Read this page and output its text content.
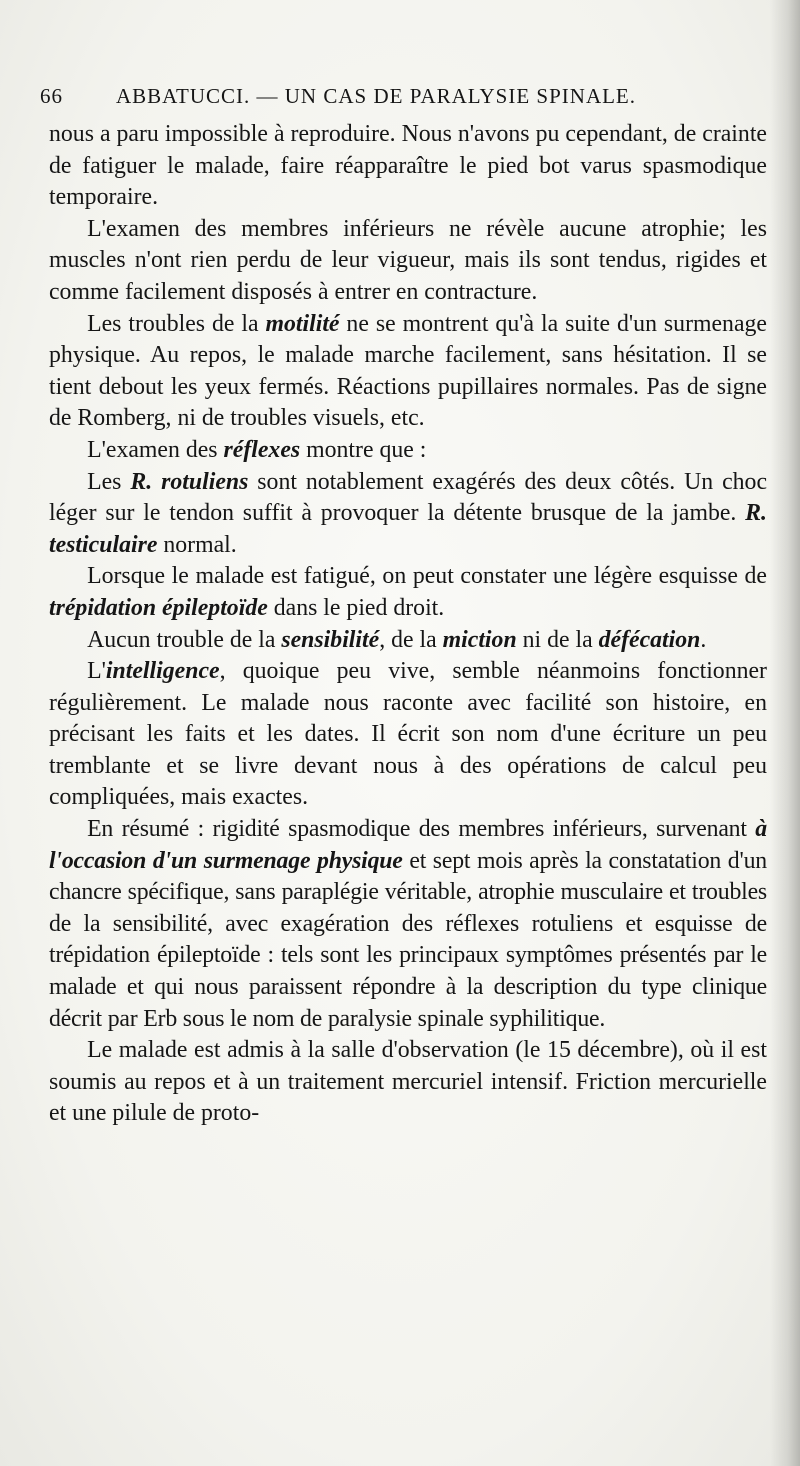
66	ABBATUCCI. — UN CAS DE PARALYSIE SPINALE.

nous a paru impossible à reproduire. Nous n'avons pu cependant, de crainte de fatiguer le malade, faire réapparaître le pied bot varus spasmodique temporaire.

L'examen des membres inférieurs ne révèle aucune atrophie; les muscles n'ont rien perdu de leur vigueur, mais ils sont tendus, rigides et comme facilement disposés à entrer en contracture.

Les troubles de la motilité ne se montrent qu'à la suite d'un surmenage physique. Au repos, le malade marche facilement, sans hésitation. Il se tient debout les yeux fermés. Réactions pupillaires normales. Pas de signe de Romberg, ni de troubles visuels, etc.

L'examen des réflexes montre que :

Les R. rotuliens sont notablement exagérés des deux côtés. Un choc léger sur le tendon suffit à provoquer la détente brusque de la jambe. R. testiculaire normal.

Lorsque le malade est fatigué, on peut constater une légère esquisse de trépidation épileptoïde dans le pied droit.

Aucun trouble de la sensibilité, de la miction ni de la défécation.

L'intelligence, quoique peu vive, semble néanmoins fonctionner régulièrement. Le malade nous raconte avec facilité son histoire, en précisant les faits et les dates. Il écrit son nom d'une écriture un peu tremblante et se livre devant nous à des opérations de calcul peu compliquées, mais exactes.

En résumé : rigidité spasmodique des membres inférieurs, survenant à l'occasion d'un surmenage physique et sept mois après la constatation d'un chancre spécifique, sans paraplégie véritable, atrophie musculaire et troubles de la sensibilité, avec exagération des réflexes rotuliens et esquisse de trépidation épileptoïde : tels sont les principaux symptômes présentés par le malade et qui nous paraissent répondre à la description du type clinique décrit par Erb sous le nom de paralysie spinale syphilitique.

Le malade est admis à la salle d'observation (le 15 décembre), où il est soumis au repos et à un traitement mercuriel intensif. Friction mercurielle et une pilule de proto-
